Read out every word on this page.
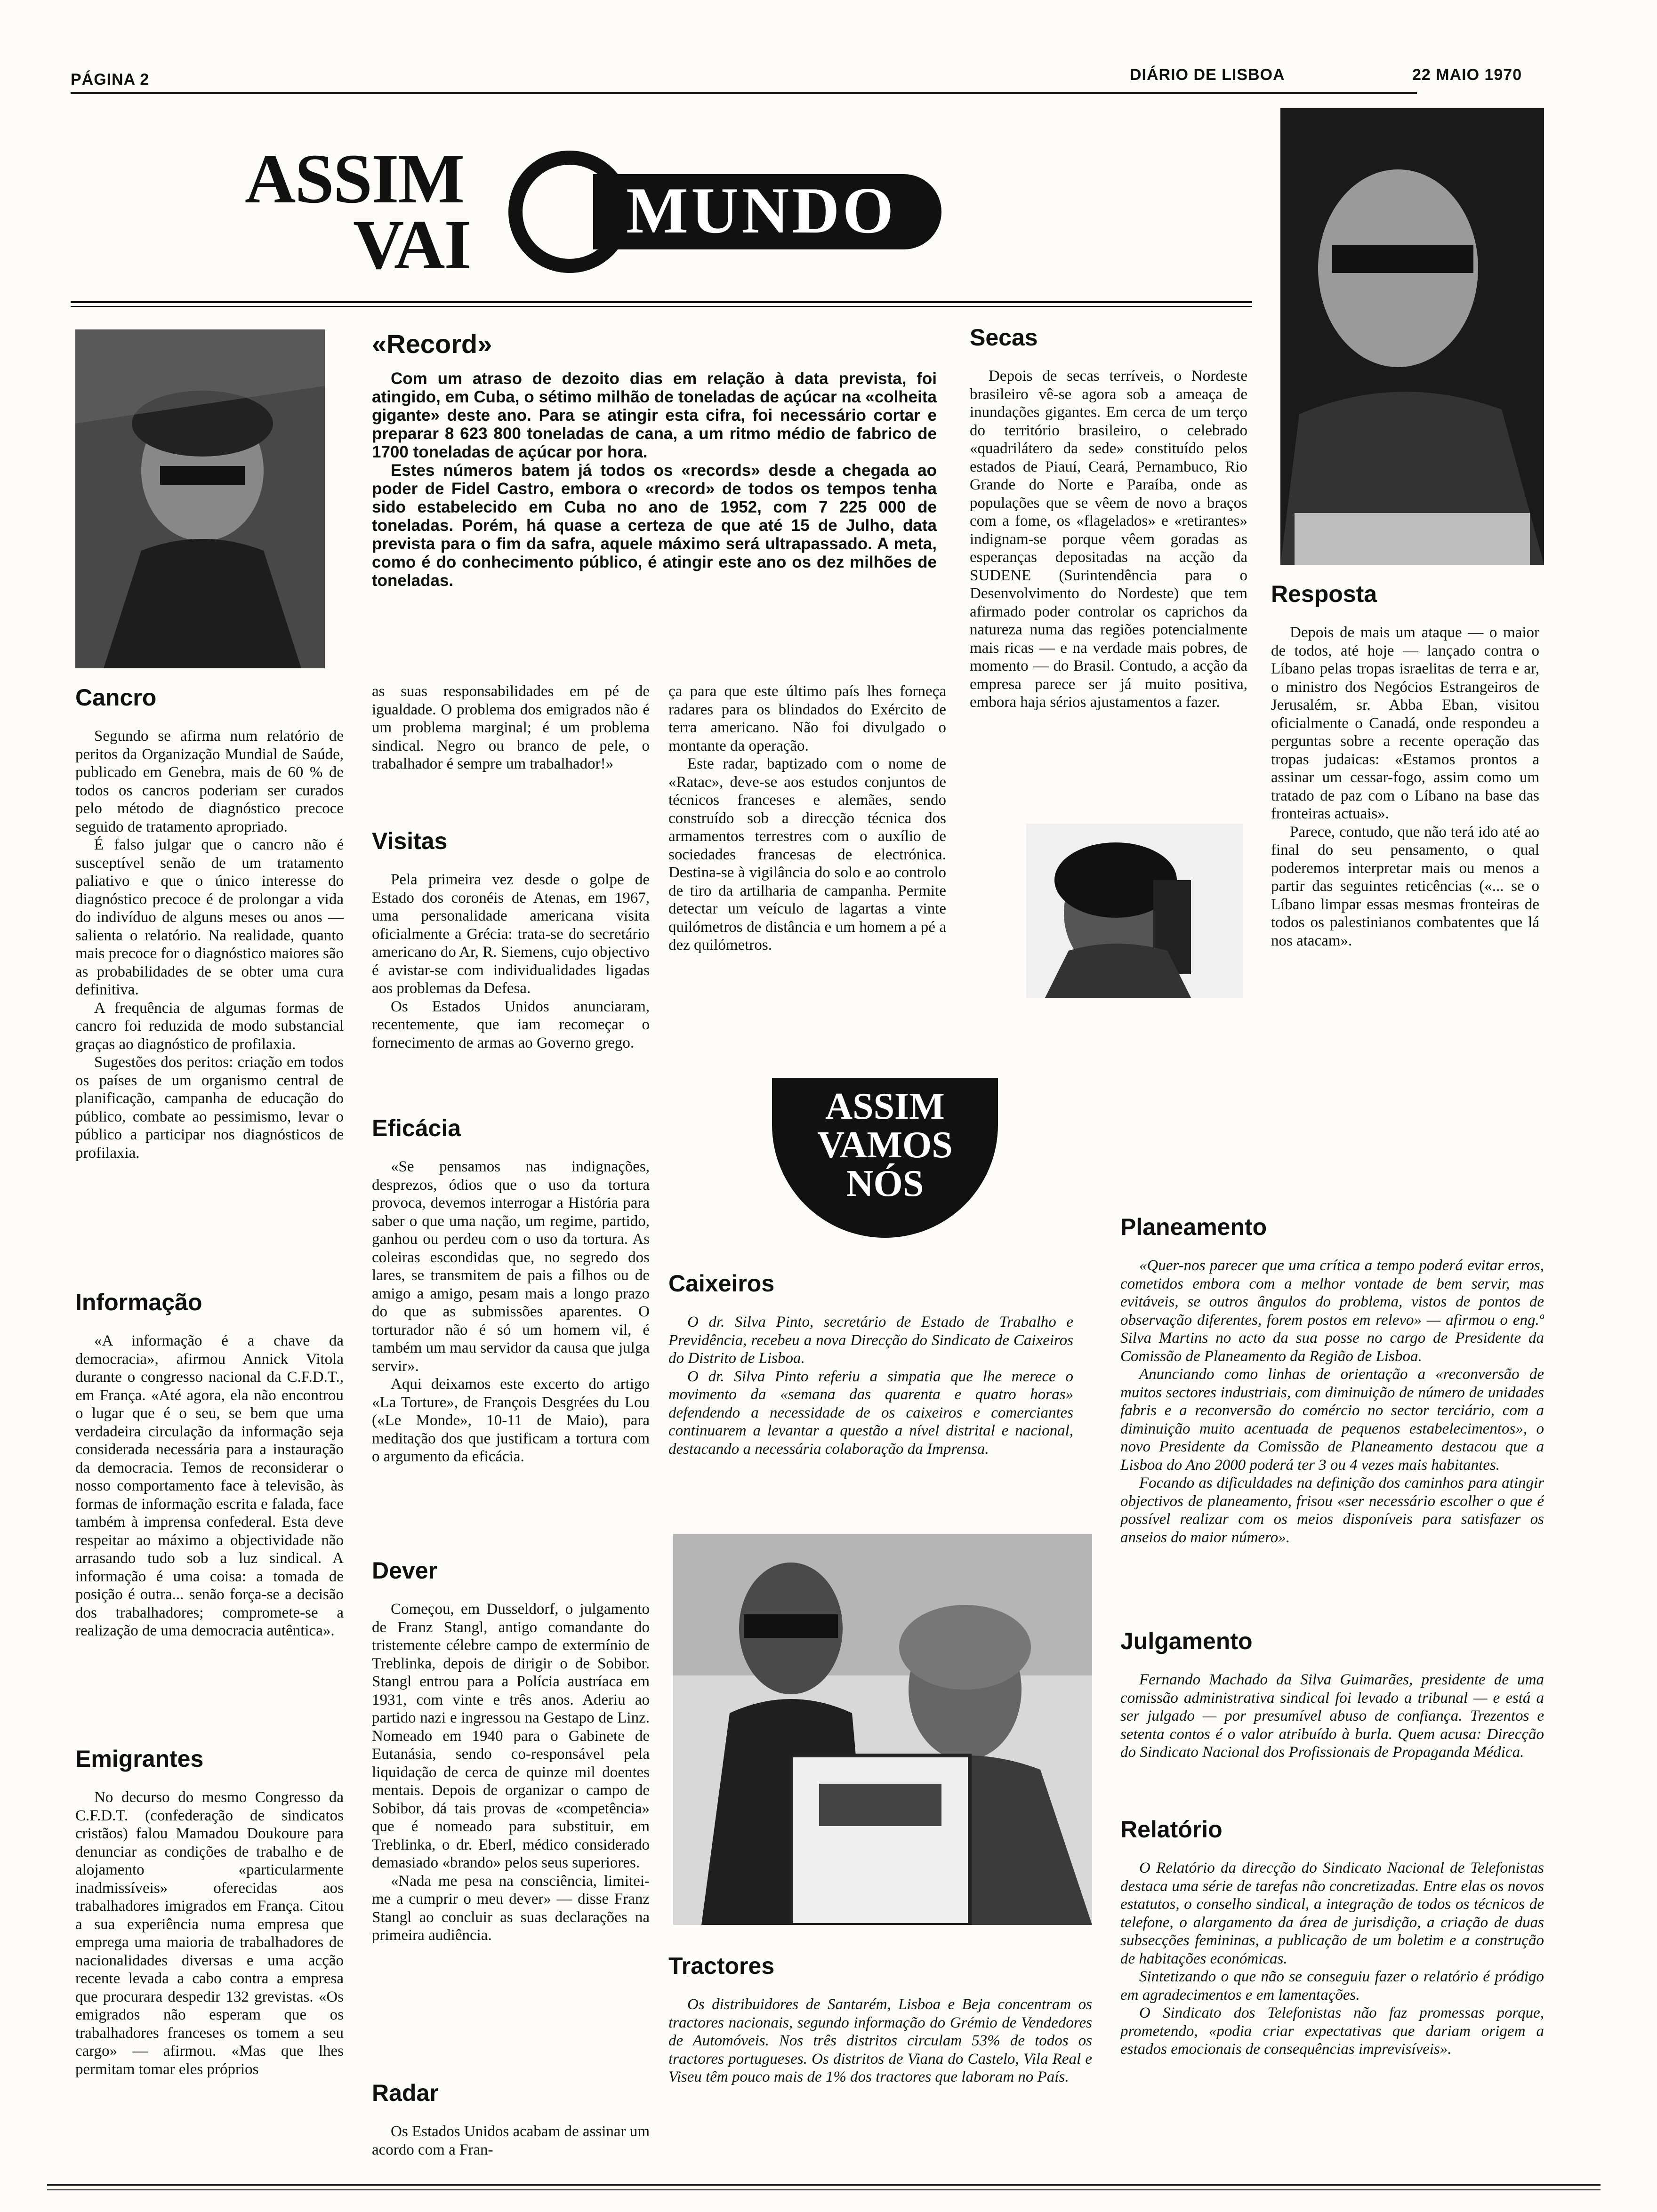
PÁGINA 2	DIÁRIO DE LISBOA	22 MAIO 1970
ASSIM
VAI MUNDO
«Record»

Com um atraso de dezoito dias em relação à data prevista, foi atingido, em Cuba, o sétimo milhão de toneladas de açúcar na «colheita gigante» deste ano. Para se atingir esta cifra, foi necessário cortar e preparar 8 623 800 toneladas de cana, a um ritmo médio de fabrico de 1700 toneladas de açúcar por hora.

Estes números batem já todos os «records» desde a chegada ao poder de Fidel Castro, embora o «record» de todos os tempos tenha sido estabelecido em Cuba no ano de 1952, com 7 225 000 de toneladas. Porém, há quase a certeza de que até 15 de Julho, data prevista para o fim da safra, aquele máximo será ultrapassado. A meta, como é do conhecimento público, é atingir este ano os dez milhões de toneladas.

Secas

Depois de secas terríveis, o Nordeste brasileiro vê-se agora sob a ameaça de inundações gigantes. Em cerca de um terço do território brasileiro, o celebrado «quadrilátero da sede» constituído pelos estados de Piauí, Ceará, Pernambuco, Rio Grande do Norte e Paraíba, onde as populações que se vêem de novo a braços com a fome, os «flagelados» e «retirantes» indignam-se porque vêem goradas as esperanças depositadas na acção da SUDENE (Surintendência para o Desenvolvimento do Nordeste) que tem afirmado poder controlar os caprichos da natureza numa das regiões potencialmente mais ricas — e na verdade mais pobres, de momento — do Brasil. Contudo, a acção da empresa parece ser já muito positiva, embora haja sérios ajustamentos a fazer.

Resposta

Depois de mais um ataque — o maior de todos, até hoje — lançado contra o Líbano pelas tropas israelitas de terra e ar, o ministro dos Negócios Estrangeiros de Jerusalém, sr. Abba Eban, visitou oficialmente o Canadá, onde respondeu a perguntas sobre a recente operação das tropas judaicas: «Estamos prontos a assinar um cessar-fogo, assim como um tratado de paz com o Líbano na base das fronteiras actuais».

Parece, contudo, que não terá ido até ao final do seu pensamento, o qual poderemos interpretar mais ou menos a partir das seguintes reticências («... se o Líbano limpar essas mesmas fronteiras de todos os palestinianos combatentes que lá nos atacam».

Cancro

Segundo se afirma num relatório de peritos da Organização Mundial de Saúde, publicado em Genebra, mais de 60 % de todos os cancros poderiam ser curados pelo método de diagnóstico precoce seguido de tratamento apropriado.

É falso julgar que o cancro não é susceptível senão de um tratamento paliativo e que o único interesse do diagnóstico precoce é de prolongar a vida do indivíduo de alguns meses ou anos — salienta o relatório. Na realidade, quanto mais precoce for o diagnóstico maiores são as probabilidades de se obter uma cura definitiva.

A frequência de algumas formas de cancro foi reduzida de modo substancial graças ao diagnóstico de profilaxia.

Sugestões dos peritos: criação em todos os países de um organismo central de planificação, campanha de educação do público, combate ao pessimismo, levar o público a participar nos diagnósticos de profilaxia.

Informação

«A informação é a chave da democracia», afirmou Annick Vitola durante o congresso nacional da C.F.D.T., em França. «Até agora, ela não encontrou o lugar que é o seu, se bem que uma verdadeira circulação da informação seja considerada necessária para a instauração da democracia. Temos de reconsiderar o nosso comportamento face à televisão, às formas de informação escrita e falada, face também à imprensa confederal. Esta deve respeitar ao máximo a objectividade não arrasando tudo sob a luz sindical. A informação é uma coisa: a tomada de posição é outra... senão força-se a decisão dos trabalhadores; compromete-se a realização de uma democracia autêntica».

Emigrantes

No decurso do mesmo Congresso da C.F.D.T. (confederação de sindicatos cristãos) falou Mamadou Doukoure para denunciar as condições de trabalho e de alojamento «particularmente inadmissíveis» oferecidas aos trabalhadores imigrados em França. Citou a sua experiência numa empresa que emprega uma maioria de trabalhadores de nacionalidades diversas e uma acção recente levada a cabo contra a empresa que procurara despedir 132 grevistas. «Os emigrados não esperam que os trabalhadores franceses os tomem a seu cargo» — afirmou. «Mas que lhes permitam tomar eles próprios

as suas responsabilidades em pé de igualdade. O problema dos emigrados não é um problema marginal; é um problema sindical. Negro ou branco de pele, o trabalhador é sempre um trabalhador!»

Visitas

Pela primeira vez desde o golpe de Estado dos coronéis de Atenas, em 1967, uma personalidade americana visita oficialmente a Grécia: trata-se do secretário americano do Ar, R. Siemens, cujo objectivo é avistar-se com individualidades ligadas aos problemas da Defesa.

Os Estados Unidos anunciaram, recentemente, que iam recomeçar o fornecimento de armas ao Governo grego.

Eficácia

«Se pensamos nas indignações, desprezos, ódios que o uso da tortura provoca, devemos interrogar a História para saber o que uma nação, um regime, partido, ganhou ou perdeu com o uso da tortura. As coleiras escondidas que, no segredo dos lares, se transmitem de pais a filhos ou de amigo a amigo, pesam mais a longo prazo do que as submissões aparentes. O torturador não é só um homem vil, é também um mau servidor da causa que julga servir».

Aqui deixamos este excerto do artigo «La Torture», de François Desgrées du Lou («Le Monde», 10-11 de Maio), para meditação dos que justificam a tortura com o argumento da eficácia.

Dever

Começou, em Dusseldorf, o julgamento de Franz Stangl, antigo comandante do tristemente célebre campo de extermínio de Treblinka, depois de dirigir o de Sobibor. Stangl entrou para a Polícia austríaca em 1931, com vinte e três anos. Aderiu ao partido nazi e ingressou na Gestapo de Linz. Nomeado em 1940 para o Gabinete de Eutanásia, sendo co-responsável pela liquidação de cerca de quinze mil doentes mentais. Depois de organizar o campo de Sobibor, dá tais provas de «competência» que é nomeado para substituir, em Treblinka, o dr. Eberl, médico considerado demasiado «brando» pelos seus superiores.

«Nada me pesa na consciência, limitei-me a cumprir o meu dever» — disse Franz Stangl ao concluir as suas declarações na primeira audiência.

Radar

Os Estados Unidos acabam de assinar um acordo com a Fran-

ça para que este último país lhes forneça radares para os blindados do Exército de terra americano. Não foi divulgado o montante da operação.

Este radar, baptizado com o nome de «Ratac», deve-se aos estudos conjuntos de técnicos franceses e alemães, sendo construído sob a direcção técnica dos armamentos terrestres com o auxílio de sociedades francesas de electrónica. Destina-se à vigilância do solo e ao controlo de tiro da artilharia de campanha. Permite detectar um veículo de lagartas a vinte quilómetros de distância e um homem a pé a dez quilómetros.

ASSIM
VAMOS
NÓS
Caixeiros

O dr. Silva Pinto, secretário de Estado de Trabalho e Previdência, recebeu a nova Direcção do Sindicato de Caixeiros do Distrito de Lisboa.

O dr. Silva Pinto referiu a simpatia que lhe merece o movimento da «semana das quarenta e quatro horas» defendendo a necessidade de os caixeiros e comerciantes continuarem a levantar a questão a nível distrital e nacional, destacando a necessária colaboração da Imprensa.

Tractores

Os distribuidores de Santarém, Lisboa e Beja concentram os tractores nacionais, segundo informação do Grémio de Vendedores de Automóveis. Nos três distritos circulam 53% de todos os tractores portugueses. Os distritos de Viana do Castelo, Vila Real e Viseu têm pouco mais de 1% dos tractores que laboram no País.

Planeamento

«Quer-nos parecer que uma crítica a tempo poderá evitar erros, cometidos embora com a melhor vontade de bem servir, mas evitáveis, se outros ângulos do problema, vistos de pontos de observação diferentes, forem postos em relevo» — afirmou o eng.º Silva Martins no acto da sua posse no cargo de Presidente da Comissão de Planeamento da Região de Lisboa.

Anunciando como linhas de orientação a «reconversão de muitos sectores industriais, com diminuição de número de unidades fabris e a reconversão do comércio no sector terciário, com a diminuição muito acentuada de pequenos estabelecimentos», o novo Presidente da Comissão de Planeamento destacou que a Lisboa do Ano 2000 poderá ter 3 ou 4 vezes mais habitantes.

Focando as dificuldades na definição dos caminhos para atingir objectivos de planeamento, frisou «ser necessário escolher o que é possível realizar com os meios disponíveis para satisfazer os anseios do maior número».

Julgamento

Fernando Machado da Silva Guimarães, presidente de uma comissão administrativa sindical foi levado a tribunal — e está a ser julgado — por presumível abuso de confiança. Trezentos e setenta contos é o valor atribuído à burla. Quem acusa: Direcção do Sindicato Nacional dos Profissionais de Propaganda Médica.

Relatório

O Relatório da direcção do Sindicato Nacional de Telefonistas destaca uma série de tarefas não concretizadas. Entre elas os novos estatutos, o conselho sindical, a integração de todos os técnicos de telefone, o alargamento da área de jurisdição, a criação de duas subsecções femininas, a publicação de um boletim e a construção de habitações económicas.

Sintetizando o que não se conseguiu fazer o relatório é pródigo em agradecimentos e em lamentações.

O Sindicato dos Telefonistas não faz promessas porque, prometendo, «podia criar expectativas que dariam origem a estados emocionais de consequências imprevisíveis».
